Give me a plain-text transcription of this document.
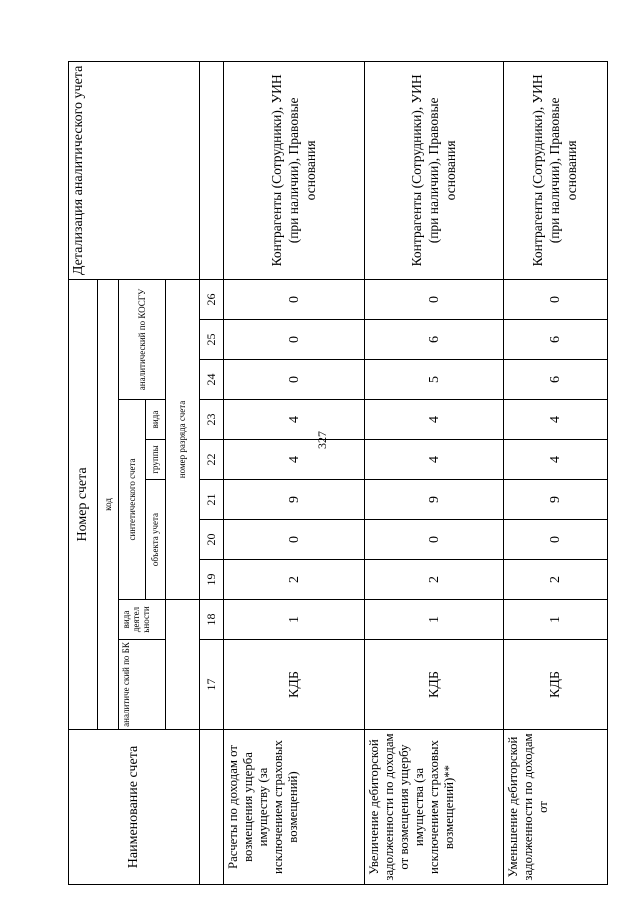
327
Наименование счета	Номер счета										Детализация аналитического учета
	код										
	аналитиче ский по БК	вида деятел ьности	синтетического счета					аналитический по КОСГУ			
			объекта учета			группы	вида				
			номер разряда счета								
	17	18	19	20	21	22	23	24	25	26	
Расчеты по доходам от возмещения ущерба имуществу (за исключением страховых возмещений)	КДБ	1	2	0	9	4	4	0	0	0	Контрагенты (Сотрудники), УИН (при наличии), Правовые основания
Увеличение дебиторской задолженности по доходам от возмещения ущербу имущества (за исключением страховых возмещений)**	КДБ	1	2	0	9	4	4	5	6	0	Контрагенты (Сотрудники), УИН (при наличии), Правовые основания
Уменьшение дебиторской задолженности по доходам от	КДБ	1	2	0	9	4	4	6	6	0	Контрагенты (Сотрудники), УИН (при наличии), Правовые основания
